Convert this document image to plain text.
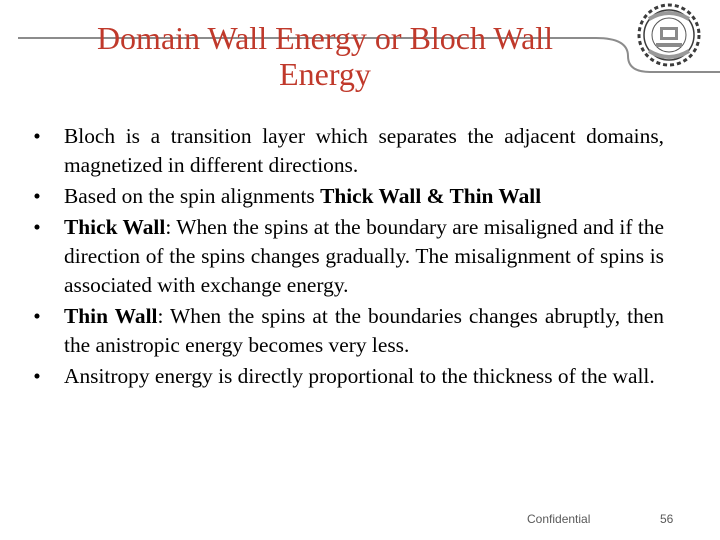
Domain Wall Energy or Bloch Wall
Energy
• Bloch is a transition layer which separates the adjacent domains, magnetized in different directions.
• Based on the spin alignments Thick Wall & Thin Wall
• Thick Wall: When the spins at the boundary are misaligned and if the direction of the spins changes gradually. The misalignment of spins is associated with exchange energy.
• Thin Wall: When the spins at the boundaries changes abruptly, then the anistropic energy becomes very less.
• Ansitropy energy is directly proportional to the thickness of the wall.
Confidential	56
